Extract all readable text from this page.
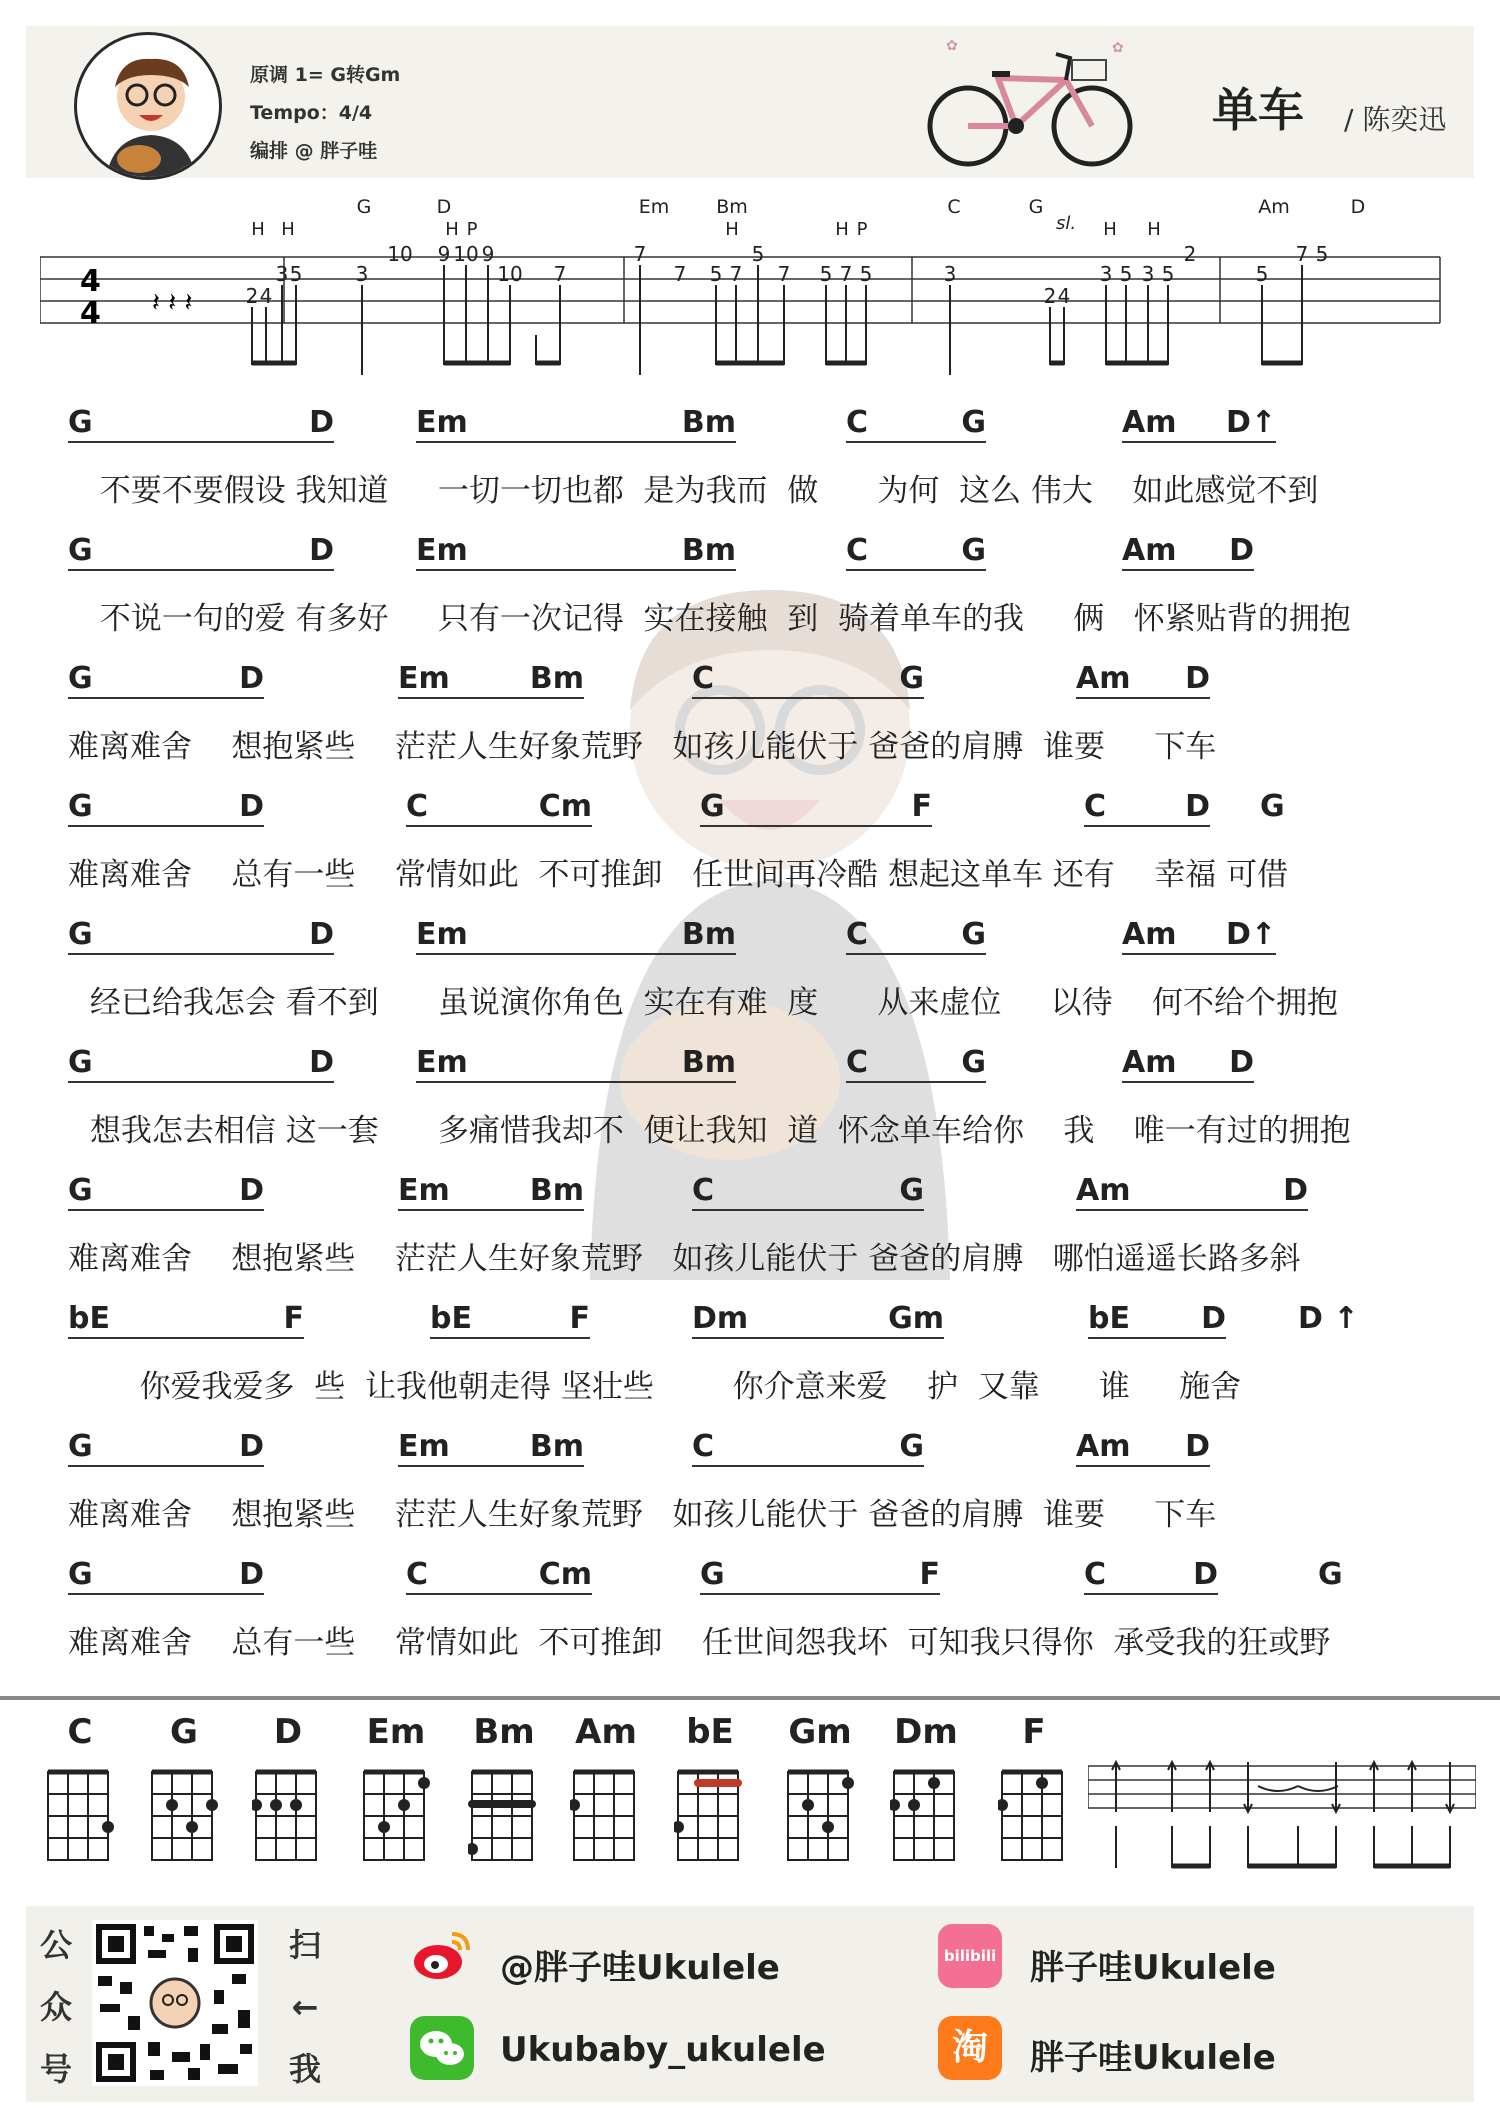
原调 1= G转Gm
Tempo：4/4
编排 @ 胖子哇
✿	✿
单车 / 陈奕迅
4
4 𝄽 𝄽 𝄽
G	D	Em Bm	C	G	Am	D
H H	H P	H	H P	sl. H H
2 4
3 5	3
10 9 10 9
10 7
7
7 5 7
5
7 5 7 5	3
2 4
3 5 3 5
2
5
7 5
G	D	Em	Bm	C	G	Am D↑
不要不要假设 我知道     一切一切也都  是为我而  做      为何  这么 伟大    如此感觉不到
G	D	Em	Bm	C	G	Am D
不说一句的爱 有多好     只有一次记得  实在接触  到  骑着单车的我     俩   怀紧贴背的拥抱
G	D	Em	Bm	C	G	Am D
难离难舍    想抱紧些    茫茫人生好象荒野   如孩儿能伏于 爸爸的肩膊  谁要     下车
G	D	C	Cm	G	F	C	D G
难离难舍    总有一些    常情如此  不可推卸   任世间再冷酷 想起这单车 还有    幸福 可借
G	D	Em	Bm	C	G	Am D↑
经已给我怎会 看不到      虽说演你角色  实在有难  度      从来虚位     以待    何不给个拥抱
G	D	Em	Bm	C	G	Am D
想我怎去相信 这一套      多痛惜我却不  便让我知  道  怀念单车给你    我    唯一有过的拥抱
G	D	Em	Bm	C	G	Am	D
难离难舍    想抱紧些    茫茫人生好象荒野   如孩儿能伏于 爸爸的肩膊   哪怕遥遥长路多斜
bE	F	bE	F	Dm	Gm	bE D D ↑
你爱我爱多  些  让我他朝走得 坚壮些        你介意来爱    护  又靠      谁     施舍
G	D	Em	Bm	C	G	Am D
难离难舍    想抱紧些    茫茫人生好象荒野   如孩儿能伏于 爸爸的肩膊  谁要     下车
G	D	C	Cm	G	F	C	D	G
难离难舍    总有一些    常情如此  不可推卸    任世间怨我坏  可知我只得你  承受我的狂或野
C	G	D	Em	Bm Am	bE	Gm Dm	F
公
众
号
扫
←
我
@胖子哇Ukulele
Ukubaby_ukulele
bilibili 胖子哇Ukulele
淘	胖子哇Ukulele
